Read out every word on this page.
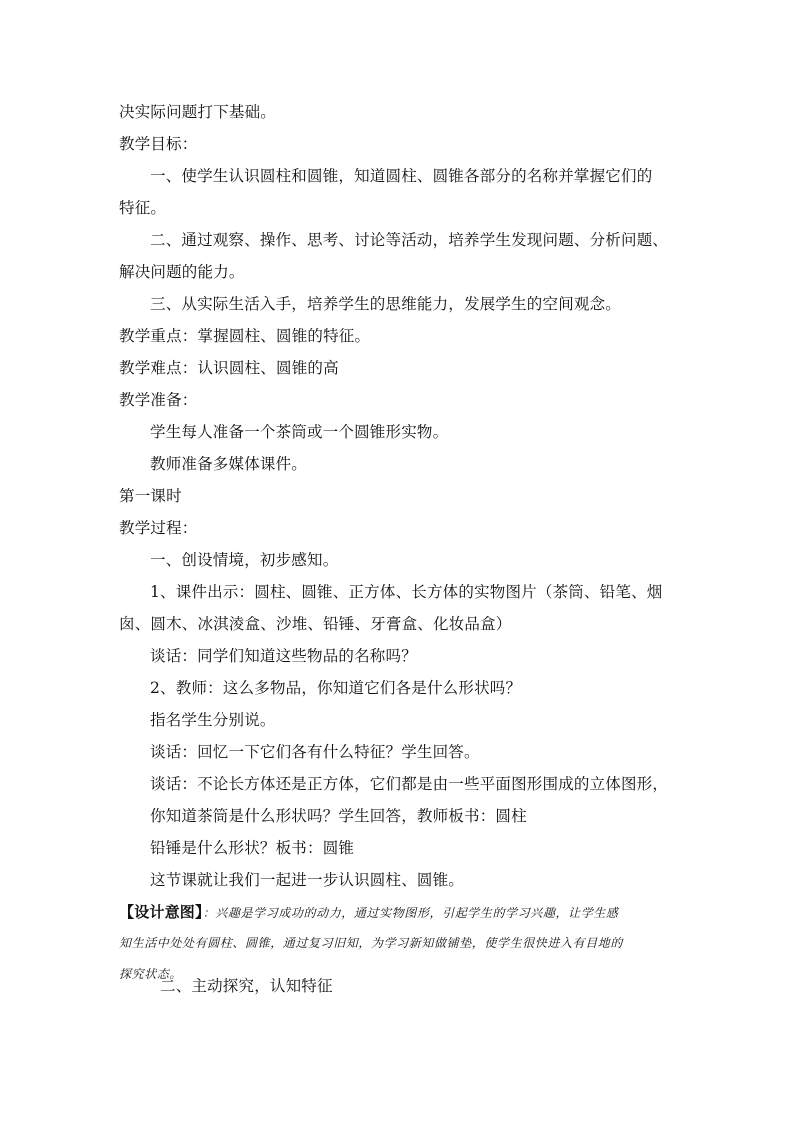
决实际问题打下基础。
教学目标：
一、使学生认识圆柱和圆锥，知道圆柱、圆锥各部分的名称并掌握它们的
特征。
二、通过观察、操作、思考、讨论等活动，培养学生发现问题、分析问题、
解决问题的能力。
三、从实际生活入手，培养学生的思维能力，发展学生的空间观念。
教学重点：掌握圆柱、圆锥的特征。
教学难点：认识圆柱、圆锥的高
教学准备：
学生每人准备一个茶筒或一个圆锥形实物。
教师准备多媒体课件。
第一课时
教学过程：
一、创设情境，初步感知。
1、课件出示：圆柱、圆锥、正方体、长方体的实物图片（茶筒、铅笔、烟
囱、圆木、冰淇淩盒、沙堆、铅锤、牙膏盒、化妆品盒）
谈话：同学们知道这些物品的名称吗？
2、教师：这么多物品，你知道它们各是什么形状吗？
指名学生分别说。
谈话：回忆一下它们各有什么特征？学生回答。
谈话：不论长方体还是正方体，它们都是由一些平面图形围成的立体图形，
你知道茶筒是什么形状吗？学生回答，教师板书：圆柱
铅锤是什么形状？板书：圆锥
这节课就让我们一起进一步认识圆柱、圆锥。
【设计意图】：兴趣是学习成功的动力，通过实物图形，引起学生的学习兴趣，让学生感
知生活中处处有圆柱、圆锥，通过复习旧知，为学习新知做铺垫，使学生很快进入有目地的
探究状态。
二、主动探究，认知特征
